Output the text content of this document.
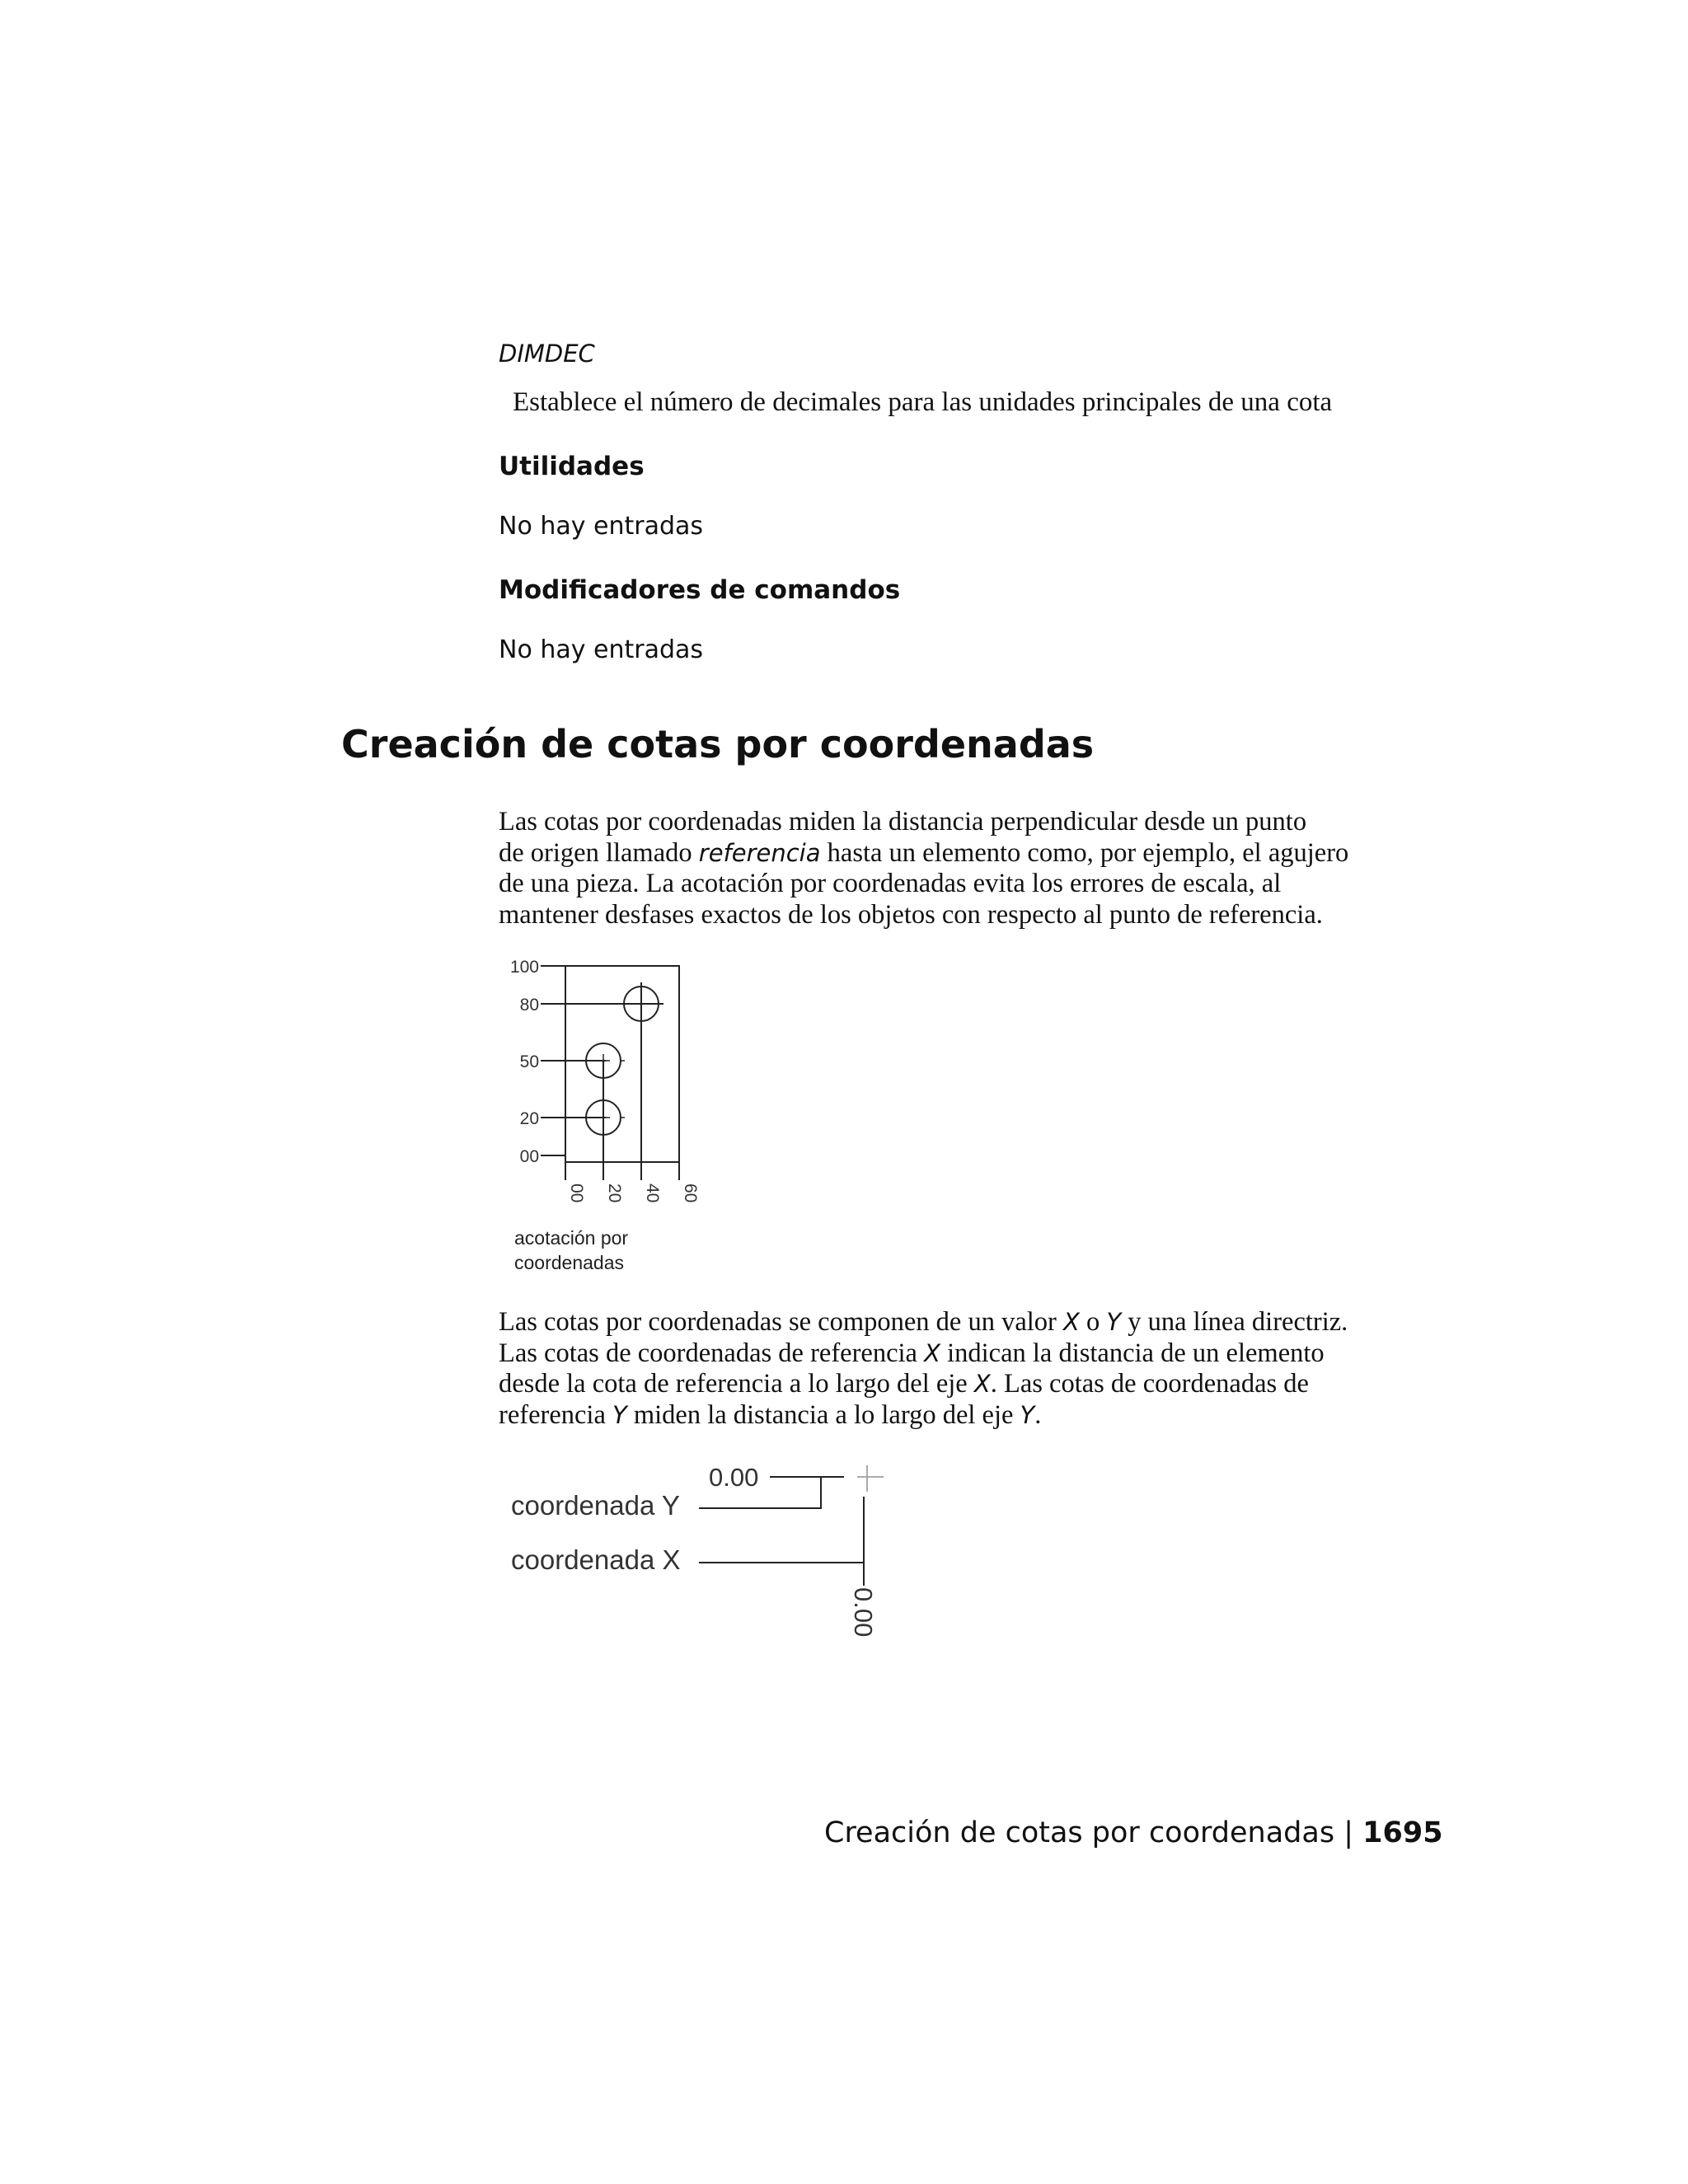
DIMDEC
Establece el número de decimales para las unidades principales de una cota
Utilidades
No hay entradas
Modificadores de comandos
No hay entradas
Creación de cotas por coordenadas

Las cotas por coordenadas miden la distancia perpendicular desde un punto

de origen llamado referencia hasta un elemento como, por ejemplo, el agujero

de una pieza. La acotación por coordenadas evita los errores de escala, al

mantener desfases exactos de los objetos con respecto al punto de referencia.

100
80
50
20
00
00 20 40 60
acotación por
coordenadas

Las cotas por coordenadas se componen de un valor X o Y y una línea directriz.

Las cotas de coordenadas de referencia X indican la distancia de un elemento

desde la cota de referencia a lo largo del eje X. Las cotas de coordenadas de

referencia Y miden la distancia a lo largo del eje Y.

coordenada Y
coordenada X
0.00
0.00
Creación de cotas por coordenadas | 1695
